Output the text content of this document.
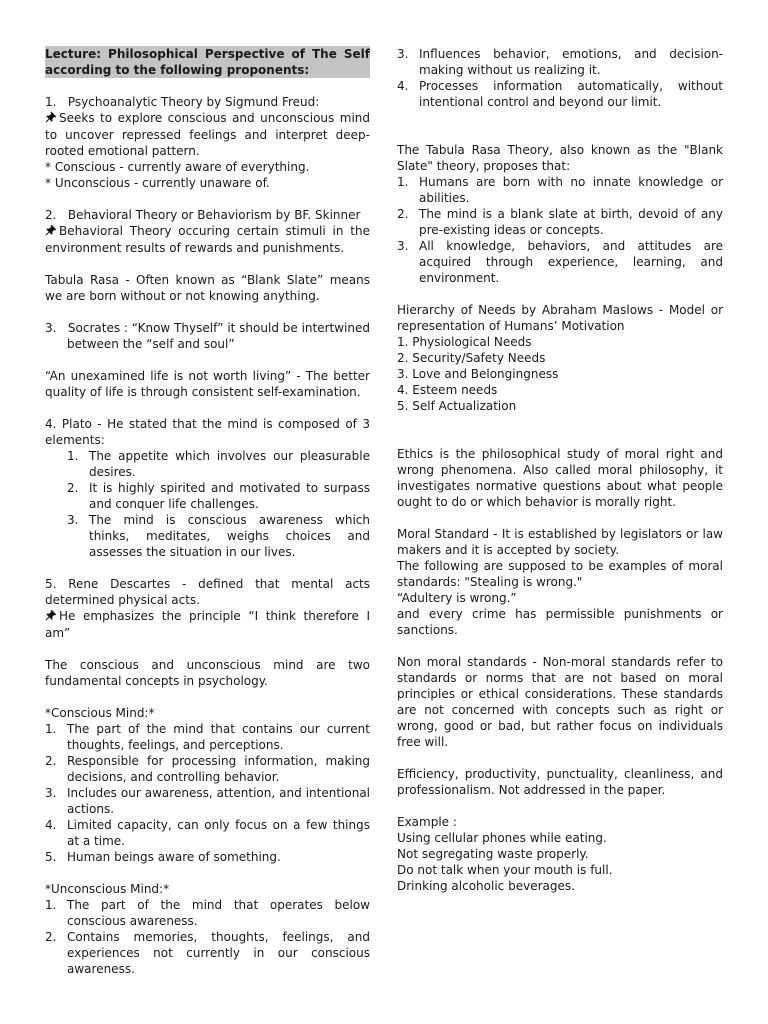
Lecture: Philosophical Perspective of The Self according to the following proponents:

1.   Psychoanalytic Theory by Sigmund Freud:

Seeks to explore conscious and unconscious mind to uncover repressed feelings and interpret deep-rooted emotional pattern.

* Conscious - currently aware of everything.

* Unconscious - currently unaware of.

2.   Behavioral Theory or Behaviorism by BF. Skinner

Behavioral Theory occuring certain stimuli in the environment results of rewards and punishments.

Tabula Rasa - Often known as “Blank Slate” means we are born without or not knowing anything.

3.   Socrates : “Know Thyself” it should be intertwined between the “self and soul”

“An unexamined life is not worth living” - The better quality of life is through consistent self-examination.

4. Plato - He stated that the mind is composed of 3 elements:

1. The appetite which involves our pleasurable desires.
2. It is highly spirited and motivated to surpass and conquer life challenges.
3. The mind is conscious awareness which thinks, meditates, weighs choices and assesses the situation in our lives.

5. Rene Descartes - defined that mental acts determined physical acts.

He emphasizes the principle “I think therefore I am”

The conscious and unconscious mind are two fundamental concepts in psychology.

*Conscious Mind:*

1. The part of the mind that contains our current thoughts, feelings, and perceptions.
2. Responsible for processing information, making decisions, and controlling behavior.
3. Includes our awareness, attention, and intentional actions.
4. Limited capacity, can only focus on a few things at a time.
5. Human beings aware of something.

*Unconscious Mind:*

1. The part of the mind that operates below conscious awareness.
2. Contains memories, thoughts, feelings, and experiences not currently in our conscious awareness.
3. Influences behavior, emotions, and decision-making without us realizing it.
4. Processes information automatically, without intentional control and beyond our limit.

The Tabula Rasa Theory, also known as the "Blank Slate" theory, proposes that:

1. Humans are born with no innate knowledge or abilities.
2. The mind is a blank slate at birth, devoid of any pre-existing ideas or concepts.
3. All knowledge, behaviors, and attitudes are acquired through experience, learning, and environment.

Hierarchy of Needs by Abraham Maslows - Model or representation of Humans’ Motivation

1. Physiological Needs
2. Security/Safety Needs
3. Love and Belongingness
4. Esteem needs
5. Self Actualization

Ethics is the philosophical study of moral right and wrong phenomena. Also called moral philosophy, it investigates normative questions about what people ought to do or which behavior is morally right.

Moral Standard - It is established by legislators or law makers and it is accepted by society.

The following are supposed to be examples of moral standards: "Stealing is wrong."

“Adultery is wrong.”

and every crime has permissible punishments or sanctions.

Non moral standards - Non-moral standards refer to standards or norms that are not based on moral principles or ethical considerations. These standards are not concerned with concepts such as right or wrong, good or bad, but rather focus on individuals free will.

Efficiency, productivity, punctuality, cleanliness, and professionalism. Not addressed in the paper.

Example :

Using cellular phones while eating.
Not segregating waste properly.
Do not talk when your mouth is full.
Drinking alcoholic beverages.
